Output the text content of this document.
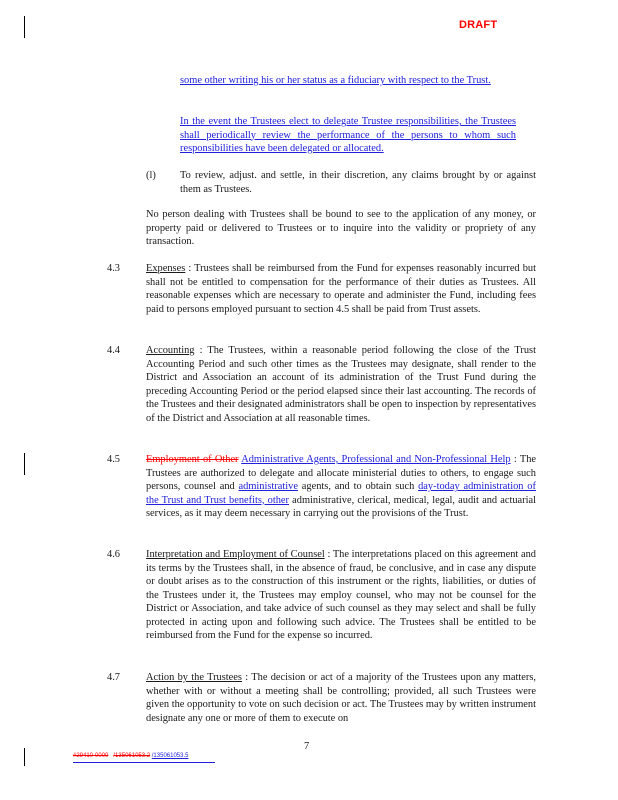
DRAFT
some other writing his or her status as a fiduciary with respect to the Trust.
In the event the Trustees elect to delegate Trustee responsibilities, the Trustees shall periodically review the performance of the persons to whom such responsibilities have been delegated or allocated.
(l) To review, adjust. and settle, in their discretion, any claims brought by or against them as Trustees.
No person dealing with Trustees shall be bound to see to the application of any money, or property paid or delivered to Trustees or to inquire into the validity or propriety of any transaction.
4.3	Expenses : Trustees shall be reimbursed from the Fund for expenses reasonably incurred but shall not be entitled to compensation for the performance of their duties as Trustees. All reasonable expenses which are necessary to operate and administer the Fund, including fees paid to persons employed pursuant to section 4.5 shall be paid from Trust assets.
4.4	Accounting : The Trustees, within a reasonable period following the close of the Trust Accounting Period and such other times as the Trustees may designate, shall render to the District and Association an account of its administration of the Trust Fund during the preceding Accounting Period or the period elapsed since their last accounting. The records of the Trustees and their designated administrators shall be open to inspection by representatives of the District and Association at all reasonable times.
4.5	Employment of Other Administrative Agents, Professional and Non-Professional Help : The Trustees are authorized to delegate and allocate ministerial duties to others, to engage such persons, counsel and administrative agents, and to obtain such day-today administration of the Trust and Trust benefits, other administrative, clerical, medical, legal, audit and actuarial services, as it may deem necessary in carrying out the provisions of the Trust.
4.6	Interpretation and Employment of Counsel : The interpretations placed on this agreement and its terms by the Trustees shall, in the absence of fraud, be conclusive, and in case any dispute or doubt arises as to the construction of this instrument or the rights, liabilities, or duties of the Trustees under it, the Trustees may employ counsel, who may not be counsel for the District or Association, and take advice of such counsel as they may select and shall be fully protected in acting upon and following such advice. The Trustees shall be entitled to be reimbursed from the Fund for the expense so incurred.
4.7	Action by the Trustees : The decision or act of a majority of the Trustees upon any matters, whether with or without a meeting shall be controlling; provided, all such Trustees were given the opportunity to vote on such decision or act. The Trustees may by written instrument designate any one or more of them to execute on
7
#29410-0000 /135061053.2 /135061053.5
